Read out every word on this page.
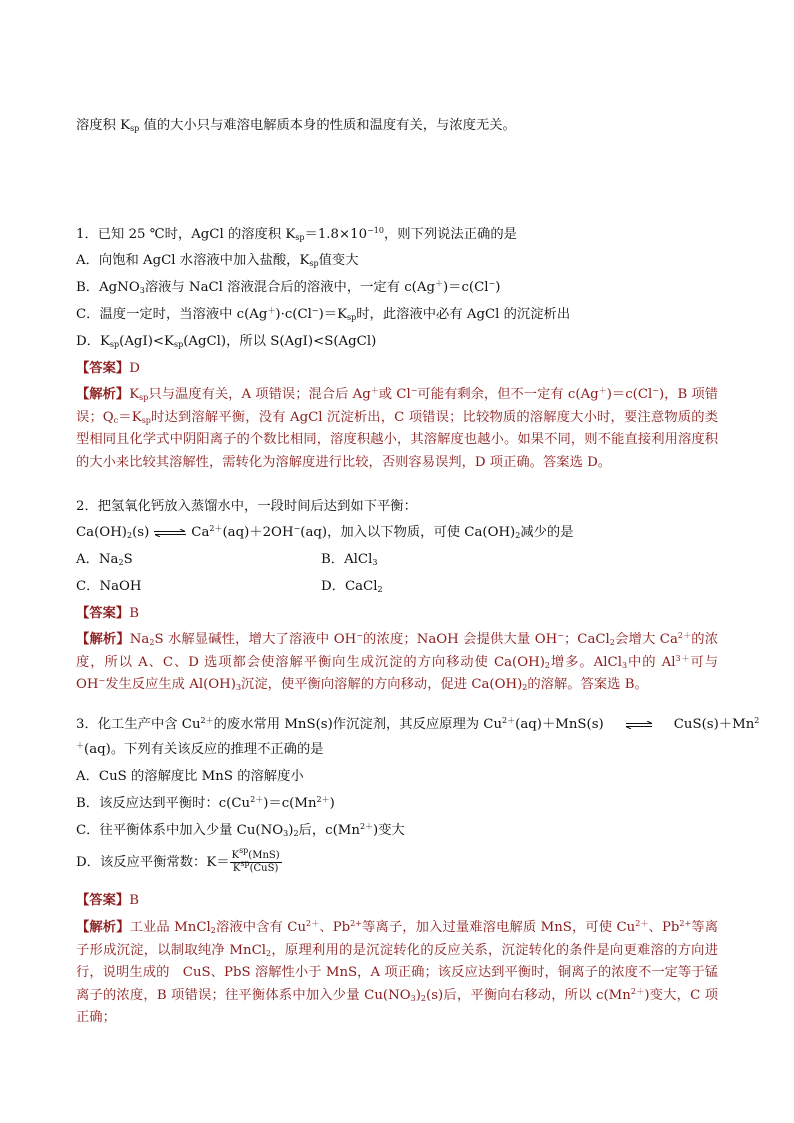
溶度积 $K_{sp}$ 值的大小只与难溶电解质本身的性质和温度有关，与浓度无关。
1．已知 25 ℃时，AgCl 的溶度积 $K_{sp}=1.8\times 10^{-10}$，则下列说法正确的是
A．向饱和 AgCl 水溶液中加入盐酸，$K_{sp}$值变大
B．AgNO$_3$溶液与 NaCl 溶液混合后的溶液中，一定有 c(Ag＋)＝c(Cl−)
C．温度一定时，当溶液中 $c(Ag^+)\cdot c(Cl^-)=K_{sp}$时，此溶液中必有 AgCl 的沉淀析出
D．$K_{sp}(AgI)<K_{sp}(AgCl)$，所以 S(AgI)<S(AgCl)
【答案】D
【解析】$K_{sp}$只与温度有关，A 项错误；混合后 Ag＋或 Cl−可能有剩余，但不一定有 c(Ag＋)＝c(Cl−)，B 项错误；$Q_c=K_{sp}$时达到溶解平衡，没有 AgCl 沉淀析出，C 项错误；比较物质的溶解度大小时，要注意物质的类型相同且化学式中阴阳离子的个数比相同，溶度积越小，其溶解度也越小。如果不同，则不能直接利用溶度积的大小来比较其溶解性，需转化为溶解度进行比较，否则容易误判，D 项正确。答案选 D。
2．把氢氧化钙放入蒸馏水中，一段时间后达到如下平衡：
$Ca(OH)_2(s)$ ⇌ $Ca^{2+}(aq)+2OH^-(aq)$，加入以下物质，可使 $Ca(OH)_2$减少的是
A．$Na_2S$	B．AlCl$_3$
C．NaOH	D．CaCl$_2$
【答案】B
【解析】$Na_2S$ 水解显碱性，增大了溶液中 OH−的浓度；NaOH 会提供大量 OH−；CaCl$_2$会增大 $Ca^{2+}$的浓度，所以 A、C、D 选项都会使溶解平衡向生成沉淀的方向移动使 $Ca(OH)_2$增多。AlCl$_3$中的 $Al^{3+}$可与 OH−发生反应生成 $Al(OH)_3$沉淀，使平衡向溶解的方向移动，促进 $Ca(OH)_2$的溶解。答案选 B。
3．化工生产中含 $Cu^{2+}$的废水常用 MnS(s)作沉淀剂，其反应原理为 $Cu^{2+}(aq)+MnS(s)$ ⇌ $CuS(s)+Mn^2$
＋(aq)。下列有关该反应的推理不正确的是
A．CuS 的溶解度比 MnS 的溶解度小
B．该反应达到平衡时：$c(Cu^{2+})=c(Mn^{2+})$
C．往平衡体系中加入少量 $Cu(NO_3)_2$后，$c(Mn^{2+})$变大
D．该反应平衡常数：$K= \frac{K^{sp}(MnS)}{K^{sp}(CuS)}$
【答案】B
【解析】工业品 MnCl$_2$溶液中含有 $Cu^{2+}$、$Pb^{2+}$等离子，加入过量难溶电解质 MnS，可使 $Cu^{2+}$、$Pb^{2+}$等离子形成沉淀，以制取纯净 MnCl$_2$，原理利用的是沉淀转化的反应关系，沉淀转化的条件是向更难溶的方向进行，说明生成的　CuS、PbS 溶解性小于 MnS，A 项正确；该反应达到平衡时，铜离子的浓度不一定等于锰离子的浓度，B 项错误；往平衡体系中加入少量 $Cu(NO_3)_2(s)$后，平衡向右移动，所以 $c(Mn^{2+})$变大，C 项正确；
